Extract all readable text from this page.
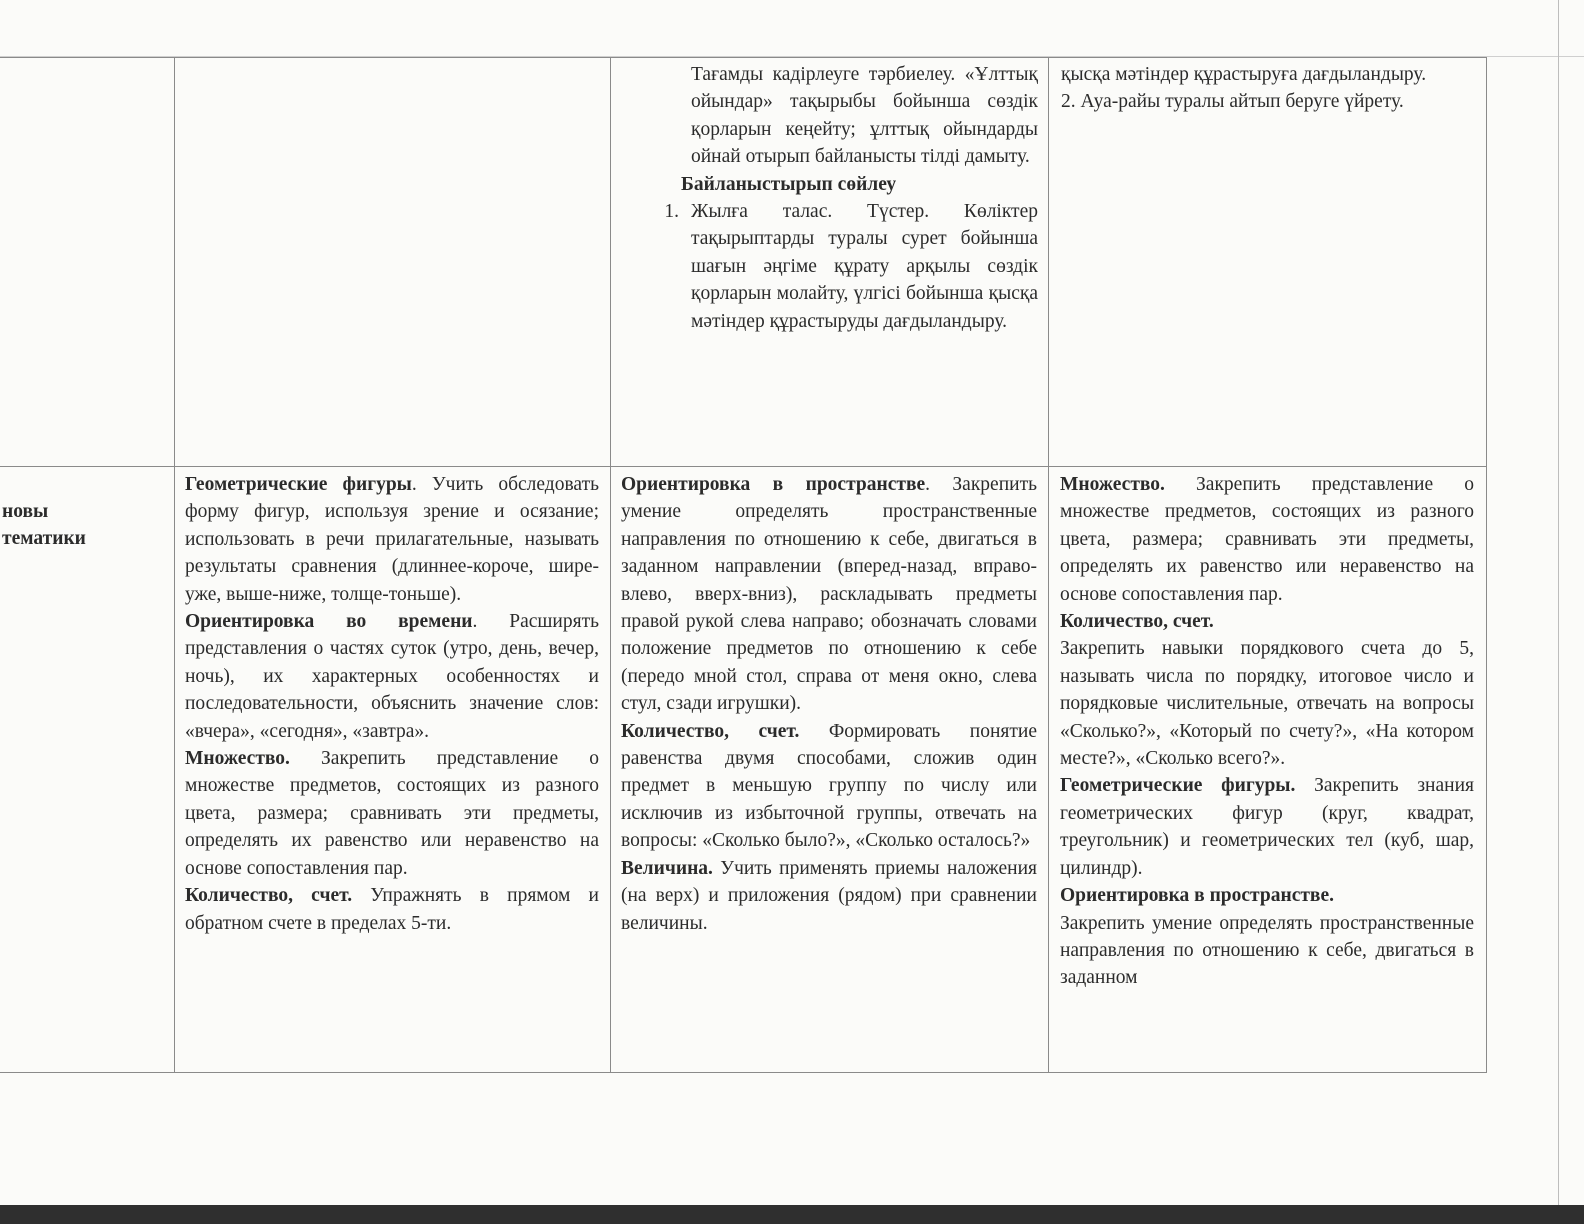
Тағамды кадірлеуге тәрбиелеу. «Ұлттық ойындар» тақырыбы бойынша сөздік қорларын кеңейту; ұлттық ойындарды ойнай отырып байланысты тілді дамыту.

Байланыстырып сөйлеу

1. Жылға талас. Түстер. Көліктер тақырыптарды туралы сурет бойынша шағын әңгіме құрату арқылы сөздік қорларын молайту, үлгісі бойынша қысқа мәтіндер құрастыруды дағдыландыру.

қысқа мәтіндер құрастыруға дағдыландыру.

2. Ауа-райы туралы айтып беруге үйрету.

новы
тематики

Геометрические фигуры. Учить обследовать форму фигур, используя зрение и осязание; использовать в речи прилагательные, называть результаты сравнения (длиннее-короче, шире-уже, выше-ниже, толще-тоньше).

Ориентировка во времени. Расширять представления о частях суток (утро, день, вечер, ночь), их характерных особенностях и последовательности, объяснить значение слов: «вчера», «сегодня», «завтра».

Множество. Закрепить представление о множестве предметов, состоящих из разного цвета, размера; сравнивать эти предметы, определять их равенство или неравенство на основе сопоставления пар.

Количество, счет. Упражнять в прямом и обратном счете в пределах 5-ти.

Ориентировка в пространстве. Закрепить умение определять пространственные направления по отношению к себе, двигаться в заданном направлении (вперед-назад, вправо-влево, вверх-вниз), раскладывать предметы правой рукой слева направо; обозначать словами положение предметов по отношению к себе (передо мной стол, справа от меня окно, слева стул, сзади игрушки).

Количество, счет. Формировать понятие равенства двумя способами, сложив один предмет в меньшую группу по числу или исключив из избыточной группы, отвечать на вопросы: «Сколько было?», «Сколько осталось?»

Величина. Учить применять приемы наложения (на верх) и приложения (рядом) при сравнении величины.

Множество. Закрепить представление о множестве предметов, состоящих из разного цвета, размера; сравнивать эти предметы, определять их равенство или неравенство на основе сопоставления пар.

Количество, счет.

Закрепить навыки порядкового счета до 5, называть числа по порядку, итоговое число и порядковые числительные, отвечать на вопросы «Сколько?», «Который по счету?», «На котором месте?», «Сколько всего?».

Геометрические фигуры. Закрепить знания геометрических фигур (круг, квадрат, треугольник) и геометрических тел (куб, шар, цилиндр).

Ориентировка в пространстве.

Закрепить умение определять пространственные направления по отношению к себе, двигаться в заданном
